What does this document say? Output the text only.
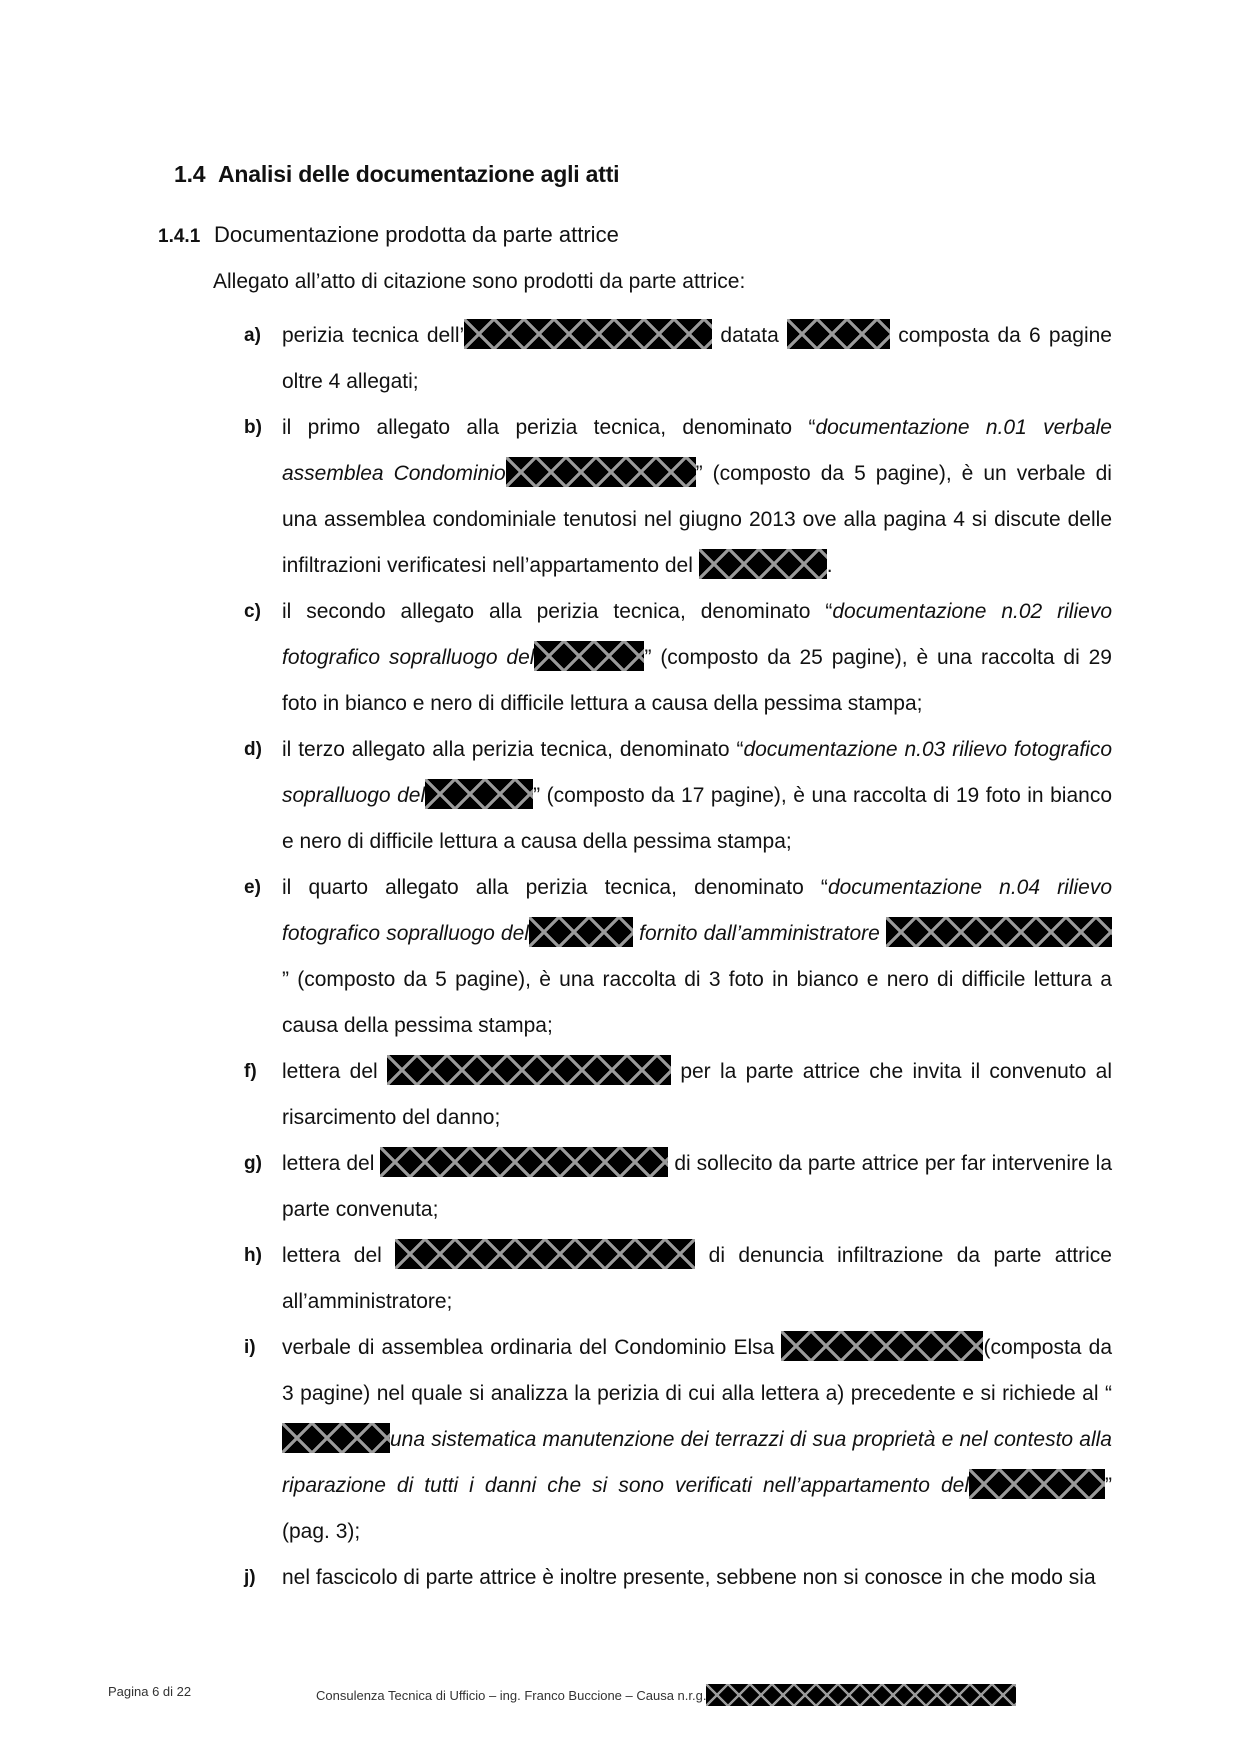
1.4 Analisi delle documentazione agli atti
1.4.1 Documentazione prodotta da parte attrice
Allegato all’atto di citazione sono prodotti da parte attrice:
a) perizia tecnica dell’	datata	composta da 6 pagine oltre 4 allegati;
b) il primo allegato alla perizia tecnica, denominato “documentazione n.01 verbale assemblea Condominio	” (composto da 5 pagine), è un verbale di una assemblea condominiale tenutosi nel giugno 2013 ove alla pagina 4 si discute delle infiltrazioni verificatesi nell’appartamento del	.
c) il secondo allegato alla perizia tecnica, denominato “documentazione n.02 rilievo fotografico sopralluogo del	” (composto da 25 pagine), è una raccolta di 29 foto in bianco e nero di difficile lettura a causa della pessima stampa;
d) il terzo allegato alla perizia tecnica, denominato “documentazione n.03 rilievo fotografico sopralluogo del	” (composto da 17 pagine), è una raccolta di 19 foto in bianco e nero di difficile lettura a causa della pessima stampa;
e) il quarto allegato alla perizia tecnica, denominato “documentazione n.04 rilievo fotografico sopralluogo del	fornito dall’amministratore ” (composto da 5 pagine), è una raccolta di 3 foto in bianco e nero di difficile lettura a causa della pessima stampa;
f) lettera del	per la parte attrice che invita il convenuto al risarcimento del danno;
g) lettera del	di sollecito da parte attrice per far intervenire la parte convenuta;
h) lettera del	di denuncia infiltrazione da parte attrice all’amministratore;
i) verbale di assemblea ordinaria del Condominio Elsa	(composta da 3 pagine) nel quale si analizza la perizia di cui alla lettera a) precedente e si richiede al “una sistematica manutenzione dei terrazzi di sua proprietà e nel contesto alla riparazione di tutti i danni che si sono verificati nell’appartamento del	” (pag. 3);
j) nel fascicolo di parte attrice è inoltre presente, sebbene non si conosce in che modo sia
Pagina 6 di 22	Consulenza Tecnica di Ufficio – ing. Franco Buccione – Causa n.r.g.
